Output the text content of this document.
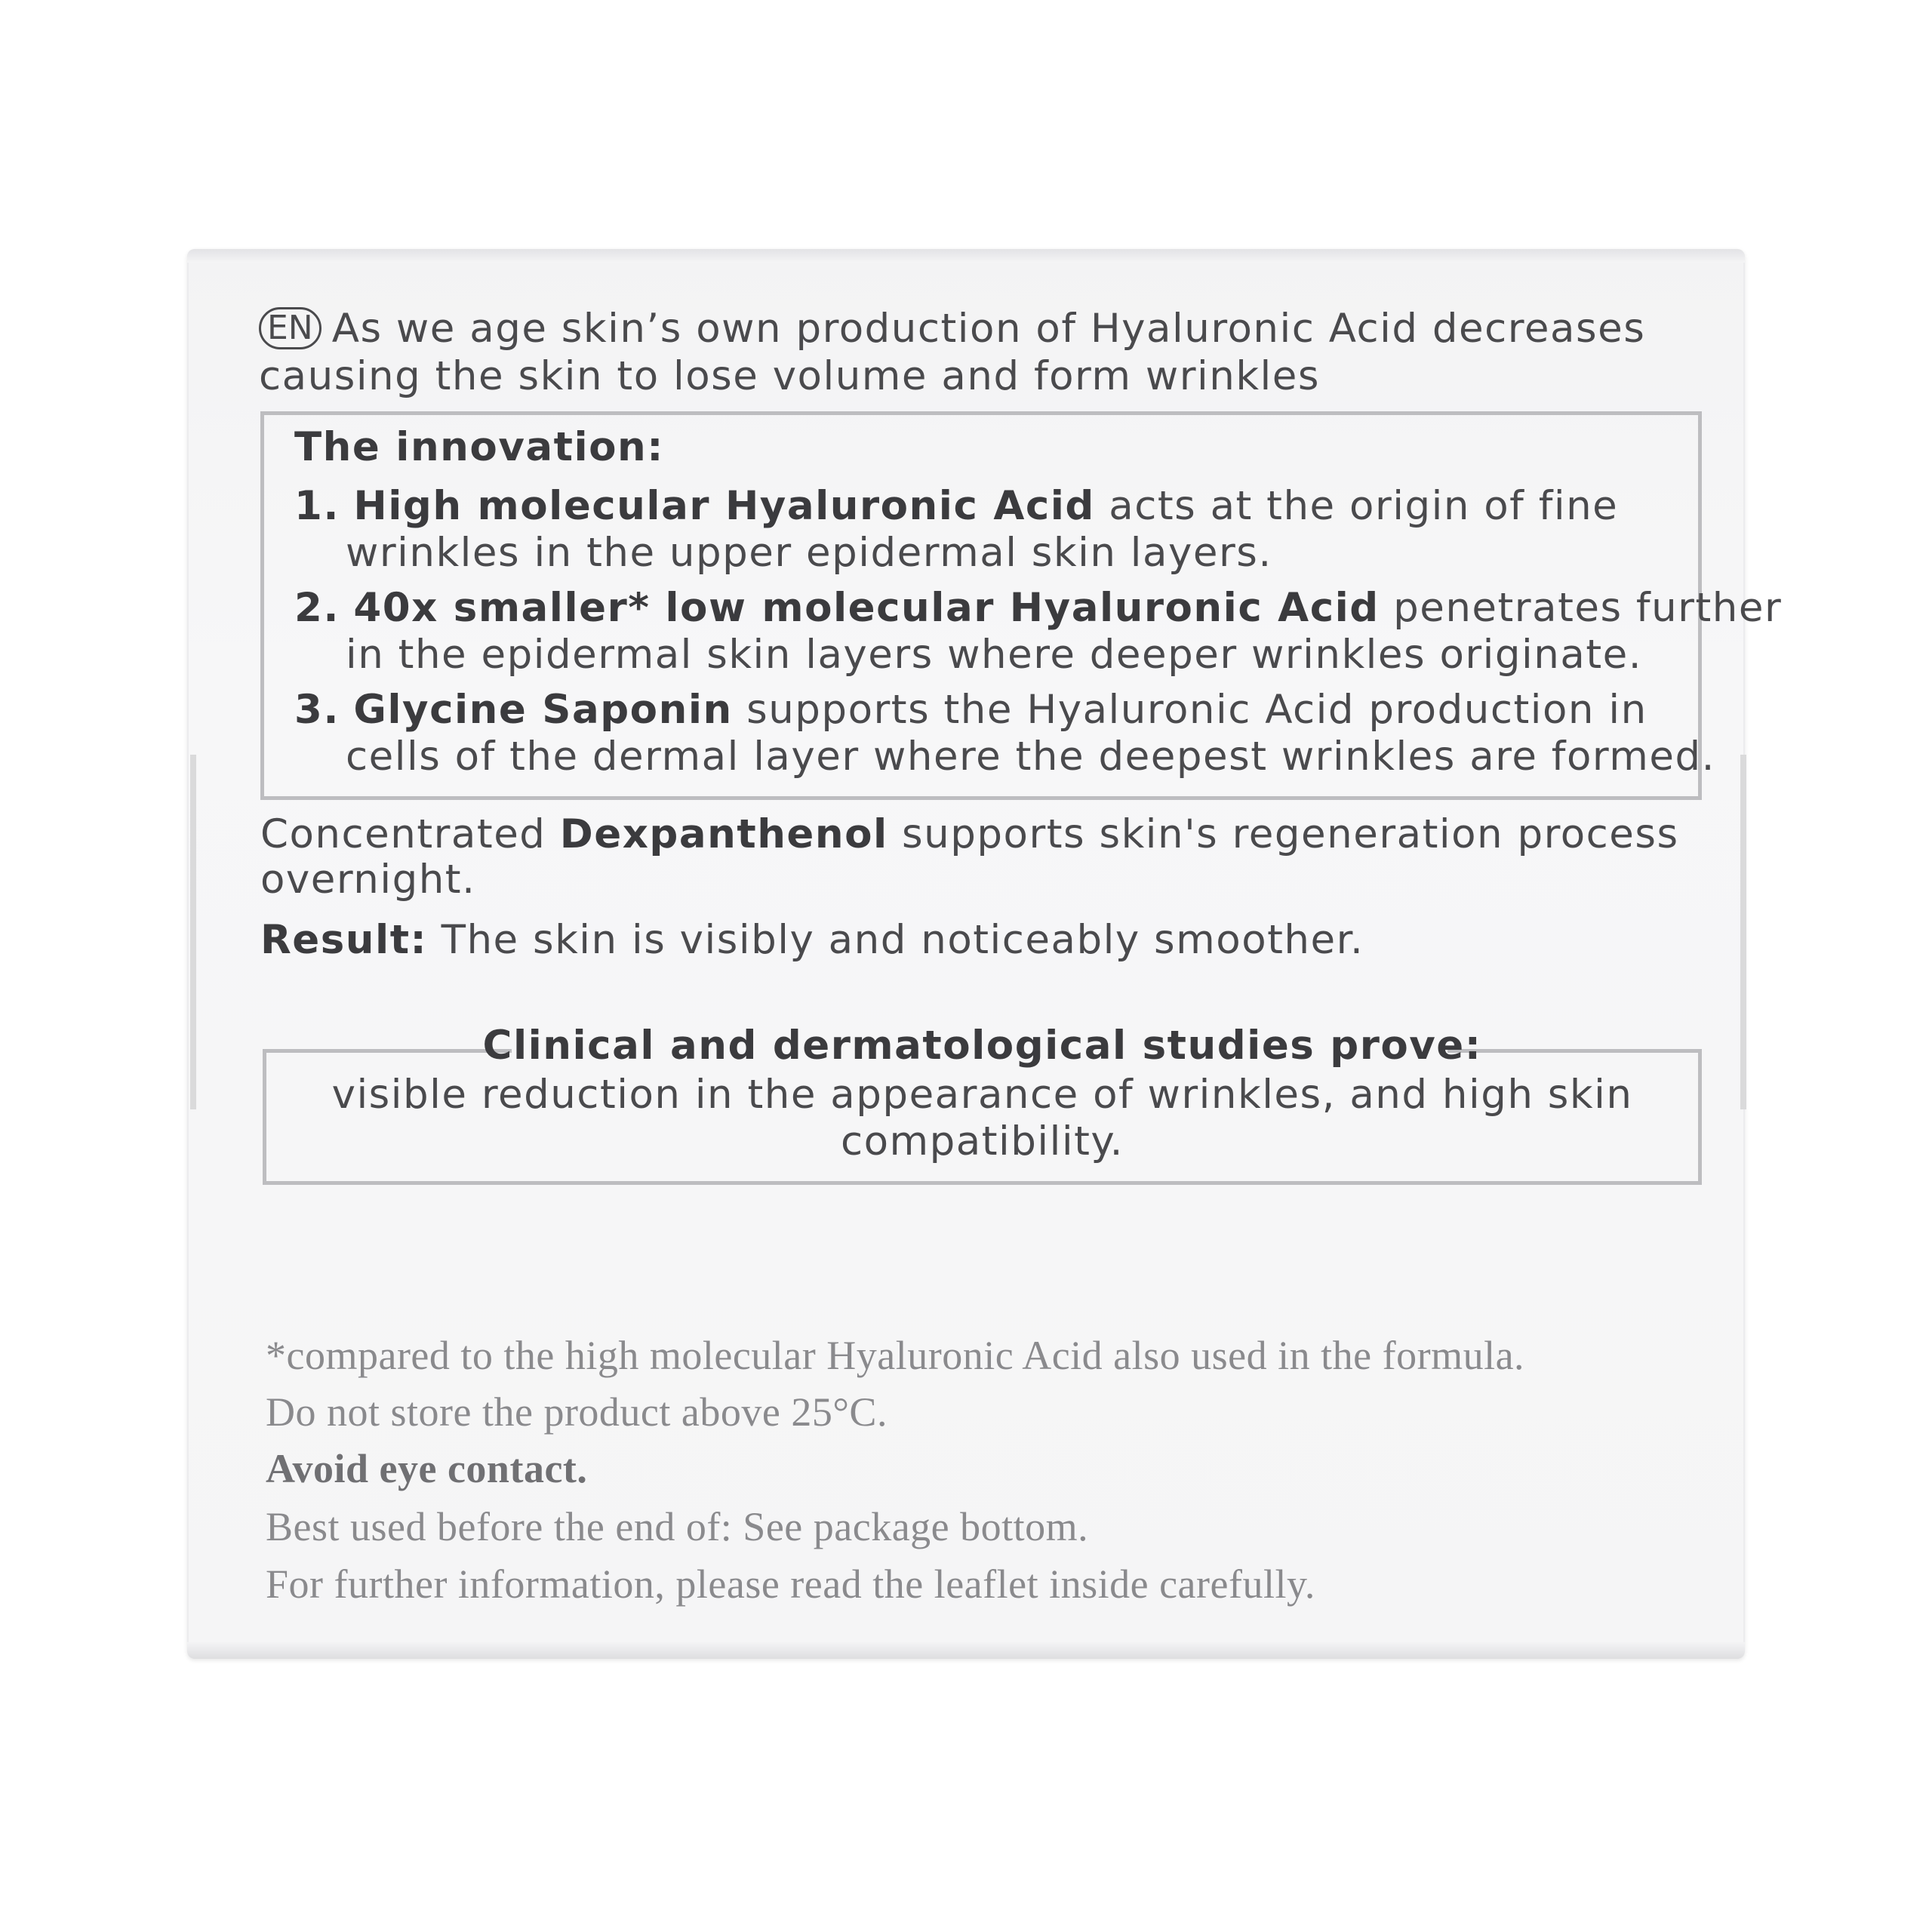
EN As we age skin’s own production of Hyaluronic Acid decreases
causing the skin to lose volume and form wrinkles
The innovation:
1. High molecular Hyaluronic Acid acts at the origin of fine
wrinkles in the upper epidermal skin layers.
2. 40x smaller* low molecular Hyaluronic Acid penetrates further
in the epidermal skin layers where deeper wrinkles originate.
3. Glycine Saponin supports the Hyaluronic Acid production in
cells of the dermal layer where the deepest wrinkles are formed.
Concentrated Dexpanthenol supports skin's regeneration process
overnight.
Result: The skin is visibly and noticeably smoother.
Clinical and dermatological studies prove:
visible reduction in the appearance of wrinkles, and high skin
compatibility.
*compared to the high molecular Hyaluronic Acid also used in the formula.
Do not store the product above 25°C.
Avoid eye contact.
Best used before the end of: See package bottom.
For further information, please read the leaflet inside carefully.
